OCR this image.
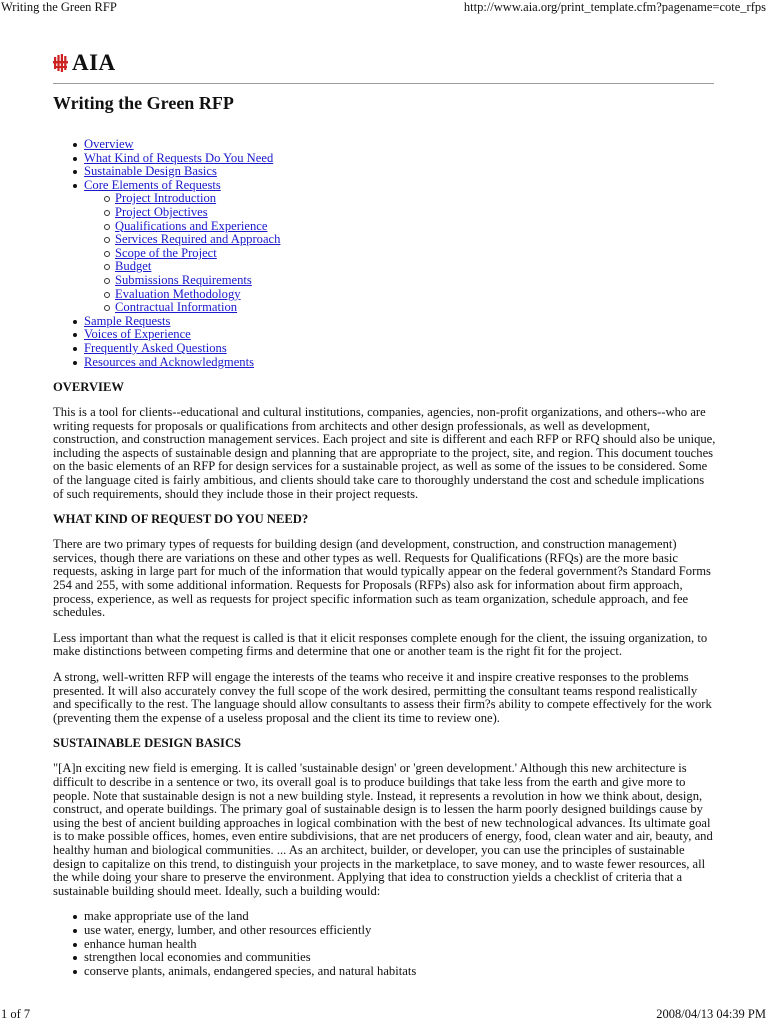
Writing the Green RFP	http://www.aia.org/print_template.cfm?pagename=cote_rfps
AIA
Writing the Green RFP
Overview
What Kind of Requests Do You Need
Sustainable Design Basics
Core Elements of Requests
Project Introduction
Project Objectives
Qualifications and Experience
Services Required and Approach
Scope of the Project
Budget
Submissions Requirements
Evaluation Methodology
Contractual Information
Sample Requests
Voices of Experience
Frequently Asked Questions
Resources and Acknowledgments
OVERVIEW

This is a tool for clients--educational and cultural institutions, companies, agencies, non-profit organizations, and others--who are writing requests for proposals or qualifications from architects and other design professionals, as well as development, construction, and construction management services. Each project and site is different and each RFP or RFQ should also be unique, including the aspects of sustainable design and planning that are appropriate to the project, site, and region. This document touches on the basic elements of an RFP for design services for a sustainable project, as well as some of the issues to be considered. Some of the language cited is fairly ambitious, and clients should take care to thoroughly understand the cost and schedule implications of such requirements, should they include those in their project requests.

WHAT KIND OF REQUEST DO YOU NEED?

There are two primary types of requests for building design (and development, construction, and construction management) services, though there are variations on these and other types as well. Requests for Qualifications (RFQs) are the more basic requests, asking in large part for much of the information that would typically appear on the federal government?s Standard Forms 254 and 255, with some additional information. Requests for Proposals (RFPs) also ask for information about firm approach, process, experience, as well as requests for project specific information such as team organization, schedule approach, and fee schedules.

Less important than what the request is called is that it elicit responses complete enough for the client, the issuing organization, to make distinctions between competing firms and determine that one or another team is the right fit for the project.

A strong, well-written RFP will engage the interests of the teams who receive it and inspire creative responses to the problems presented. It will also accurately convey the full scope of the work desired, permitting the consultant teams respond realistically and specifically to the rest. The language should allow consultants to assess their firm?s ability to compete effectively for the work (preventing them the expense of a useless proposal and the client its time to review one).

SUSTAINABLE DESIGN BASICS

"[A]n exciting new field is emerging. It is called 'sustainable design' or 'green development.' Although this new architecture is difficult to describe in a sentence or two, its overall goal is to produce buildings that take less from the earth and give more to people. Note that sustainable design is not a new building style. Instead, it represents a revolution in how we think about, design, construct, and operate buildings. The primary goal of sustainable design is to lessen the harm poorly designed buildings cause by using the best of ancient building approaches in logical combination with the best of new technological advances. Its ultimate goal is to make possible offices, homes, even entire subdivisions, that are net producers of energy, food, clean water and air, beauty, and healthy human and biological communities. ... As an architect, builder, or developer, you can use the principles of sustainable design to capitalize on this trend, to distinguish your projects in the marketplace, to save money, and to waste fewer resources, all the while doing your share to preserve the environment. Applying that idea to construction yields a checklist of criteria that a sustainable building should meet. Ideally, such a building would:

make appropriate use of the land
use water, energy, lumber, and other resources efficiently
enhance human health
strengthen local economies and communities
conserve plants, animals, endangered species, and natural habitats
1 of 7	2008/04/13 04:39 PM
